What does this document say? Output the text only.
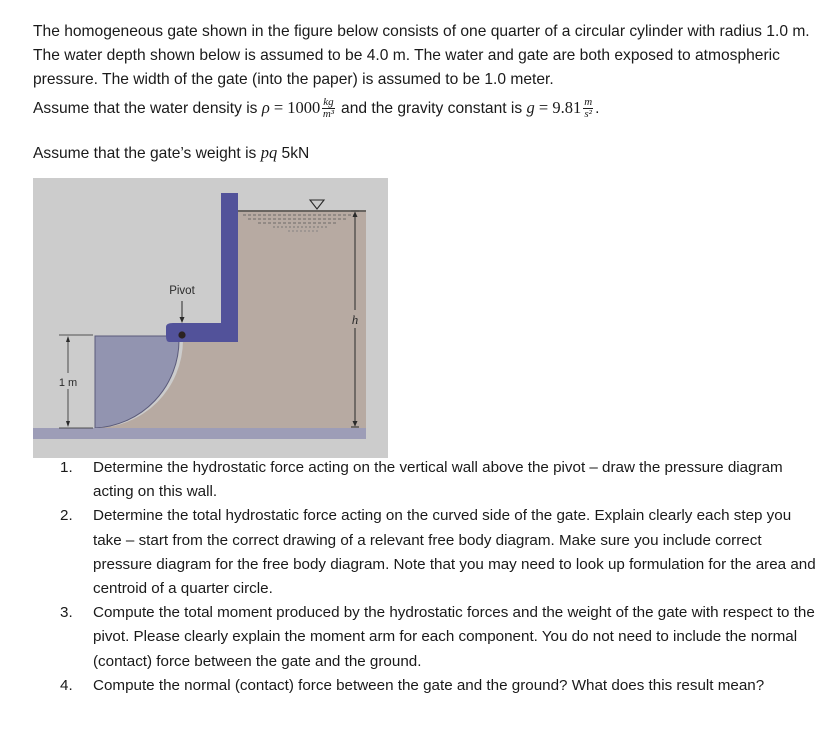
The homogeneous gate shown in the figure below consists of one quarter of a circular cylinder with radius 1.0 m. The water depth shown below is assumed to be 4.0 m. The water and gate are both exposed to atmospheric pressure. The width of the gate (into the paper) is assumed to be 1.0 meter.
Assume that the water density is $\rho = 1000 \frac{kg}{\text{m³}}$ and the gravity constant is $g = 9.81 \frac{m}{\text{s²}}$ .
Assume that the gate’s weight is pq 5kN
h
Pivot
1 m
1. Determine the hydrostatic force acting on the vertical wall above the pivot – draw the pressure diagram acting on this wall.
2. Determine the total hydrostatic force acting on the curved side of the gate. Explain clearly each step you take – start from the correct drawing of a relevant free body diagram. Make sure you include correct pressure diagram for the free body diagram. Note that you may need to look up formulation for the area and centroid of a quarter circle.
3. Compute the total moment produced by the hydrostatic forces and the weight of the gate with respect to the pivot. Please clearly explain the moment arm for each component. You do not need to include the normal (contact) force between the gate and the ground.
4. Compute the normal (contact) force between the gate and the ground? What does this result mean?
